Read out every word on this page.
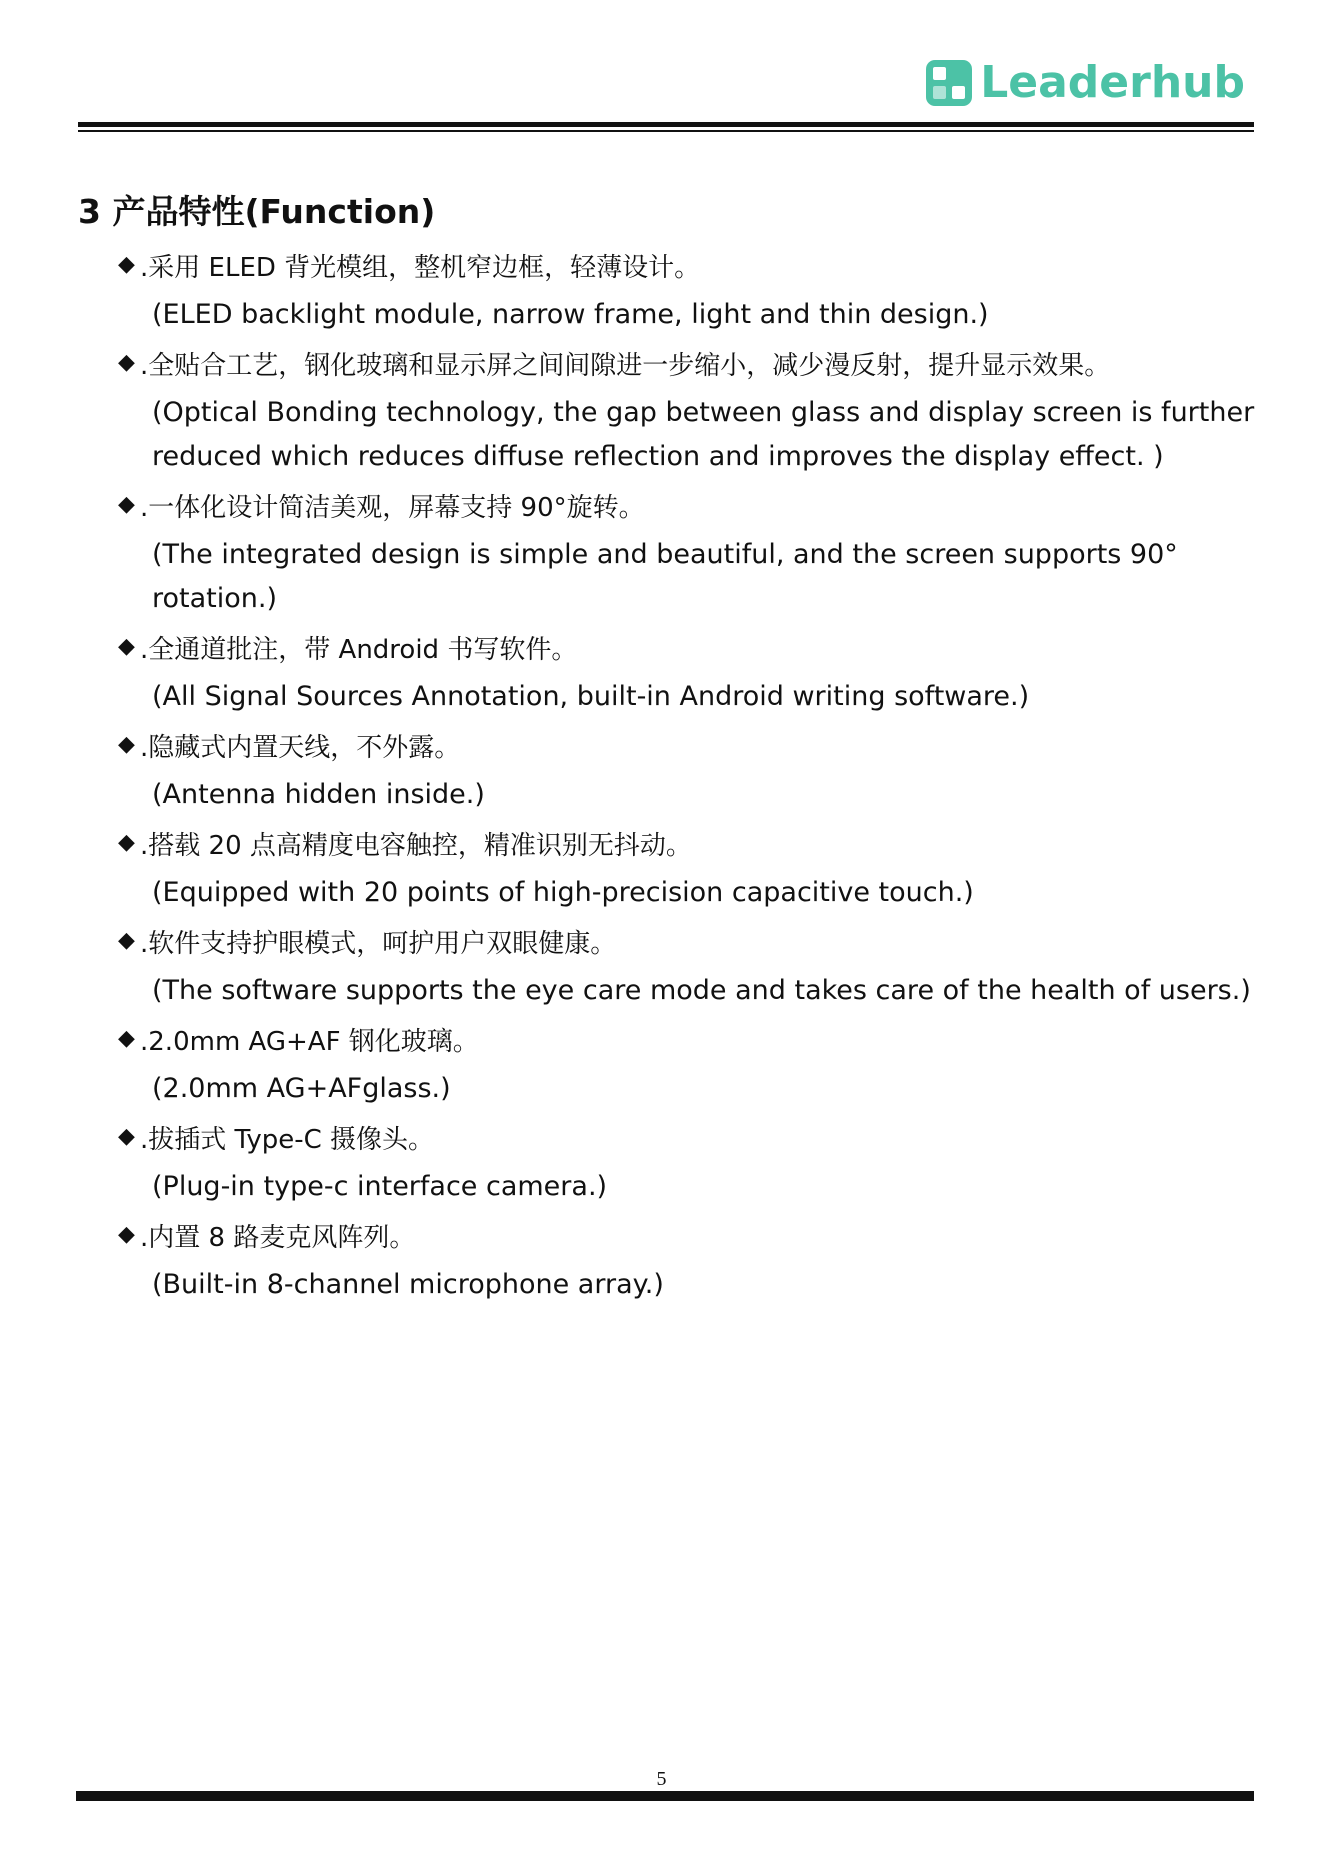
Leaderhub
3 产品特性(Function)
◆ .采用 ELED 背光模组，整机窄边框，轻薄设计。
(ELED backlight module, narrow frame, light and thin design.)
◆ .全贴合工艺，钢化玻璃和显示屏之间间隙进一步缩小，减少漫反射，提升显示效果。
(Optical Bonding technology, the gap between glass and display screen is further reduced which reduces diffuse reflection and improves the display effect. )
◆ .一体化设计简洁美观，屏幕支持 90°旋转。
(The integrated design is simple and beautiful, and the screen supports 90° rotation.)
◆ .全通道批注，带 Android 书写软件。
(All Signal Sources Annotation, built-in Android writing software.)
◆ .隐藏式内置天线，不外露。
(Antenna hidden inside.)
◆ .搭载 20 点高精度电容触控，精准识别无抖动。
(Equipped with 20 points of high-precision capacitive touch.)
◆ .软件支持护眼模式，呵护用户双眼健康。
(The software supports the eye care mode and takes care of the health of users.)
◆ .2.0mm AG+AF 钢化玻璃。
(2.0mm AG+AFglass.)
◆ .拔插式 Type-C 摄像头。
(Plug-in type-c interface camera.)
◆ .内置 8 路麦克风阵列。
(Built-in 8-channel microphone array.)
5
